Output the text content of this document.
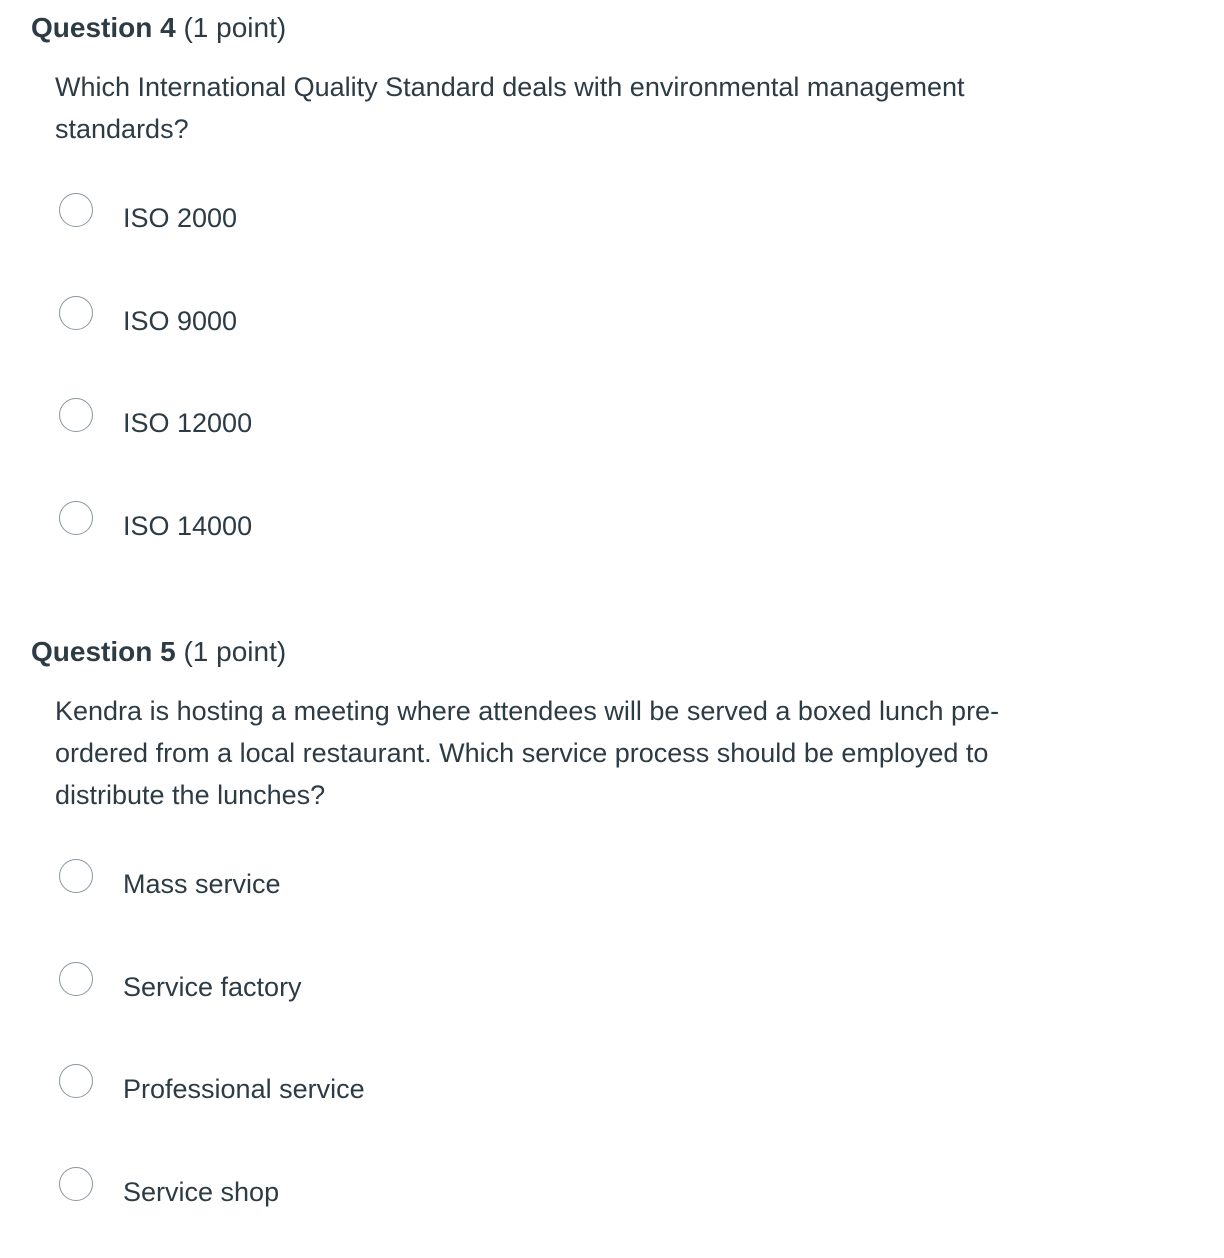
Question 4 (1 point)
Which International Quality Standard deals with environmental management standards?
ISO 2000
ISO 9000
ISO 12000
ISO 14000
Question 5 (1 point)
Kendra is hosting a meeting where attendees will be served a boxed lunch pre-ordered from a local restaurant. Which service process should be employed to distribute the lunches?
Mass service
Service factory
Professional service
Service shop
